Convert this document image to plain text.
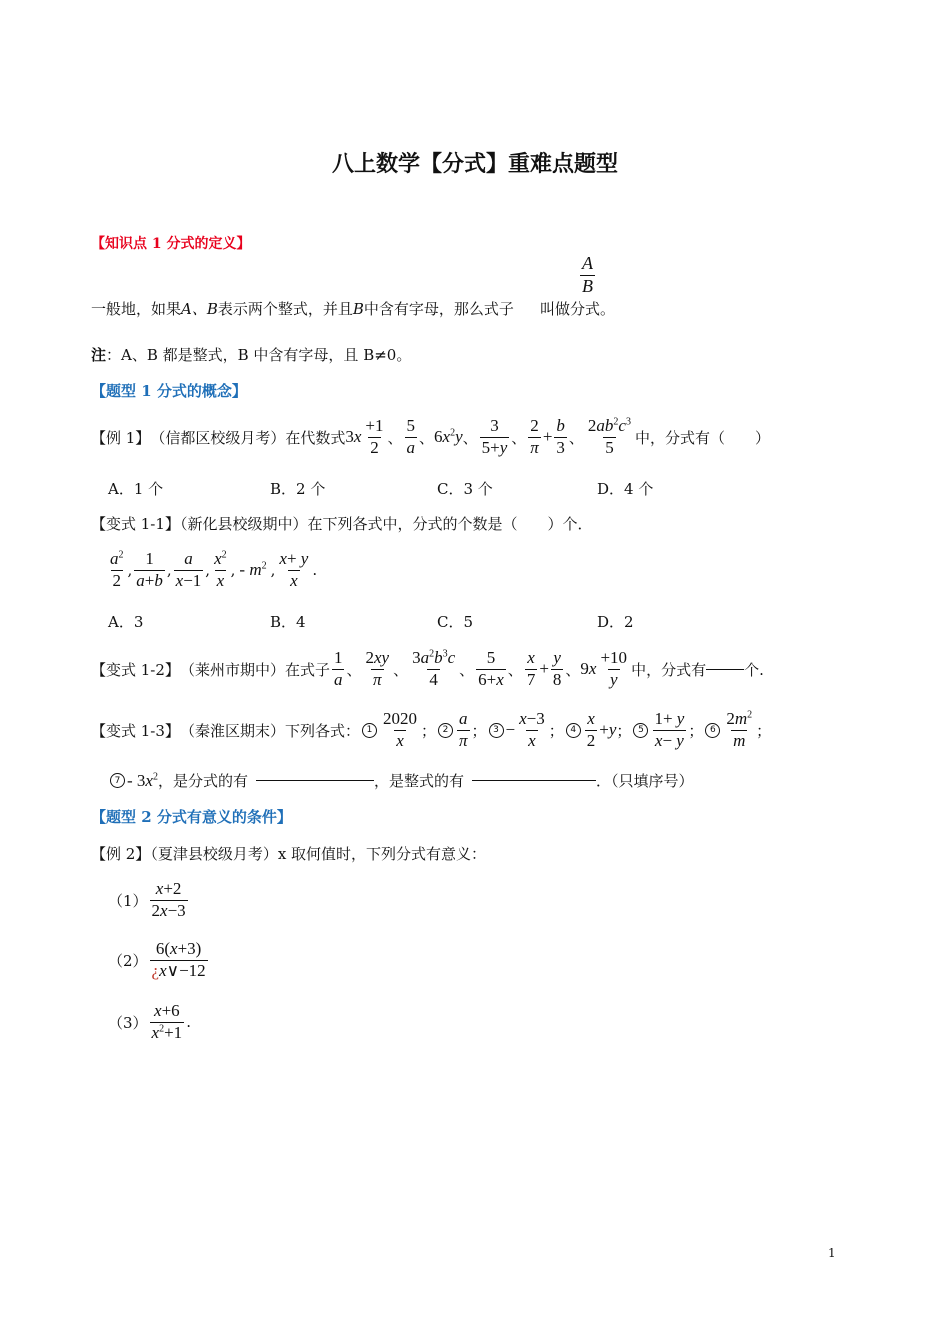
八上数学【分式】重难点题型
【知识点 1 分式的定义】
$\frac{A}{B}$
一般地，如果 A、B 表示两个整式，并且 B 中含有字母，那么式子 叫做分式。
注：A、B 都是整式，B 中含有字母，且 B≠0。
【题型 1 分式的概念】
【例 1】 （信都区校级月考） 在代数式 $3x \frac{+1}{2}$ 、 $\frac{5}{a}$ 、 $6x^2y$ 、 $\frac{3}{5+y}$ 、 $\frac{2}{\pi} + \frac{b}{3}$ 、 $\frac{2ab^2c^3}{5}$ 中，分式有（　　）
A．1 个	B．2 个	C．3 个	D．4 个
【变式 1-1】（新化县校级期中）在下列各式中，分式的个数是（　　）个．
$\frac{a^2}{2}$ , $\frac{1}{a+b}$ , $\frac{a}{x-1}$ , $\frac{x^2}{x}$ , - $m^2$ , $\frac{x+ y}{x}$ .
A．3	B．4	C．5	D．2
【变式 1-2】 （莱州市期中） 在式子 $\frac{1}{a}$ 、 $\frac{2xy}{\pi}$ 、 $\frac{3a^2b^3c}{4}$ 、 $\frac{5}{6+x}$ 、 $\frac{x}{7} + \frac{y}{8}$ 、 $9x \frac{+10}{y}$ 中，分式有	个.
【变式 1-3】 （秦淮区期末） 下列各式： $1 \frac{2020}{x}$ ； $2 \frac{a}{\pi}$ ； $3 - \frac{x-3}{x}$ ； $4 \frac{x}{2} +y$ ； $5 \frac{1+ y}{x- y}$ ； $6 \frac{2m^2}{m}$ ；
$7 - 3x^2$ ，是分式的有	，是整式的有	．（只填序号）
【题型 2 分式有意义的条件】
【例 2】（夏津县校级月考）x 取何值时，下列分式有意义：
$(1) \frac{x+2}{2x-3}$
$(2) \frac{6(x+3)}{¿x\vee-12}$
$(3) \frac{x+6}{x^2+1}$ .
1
